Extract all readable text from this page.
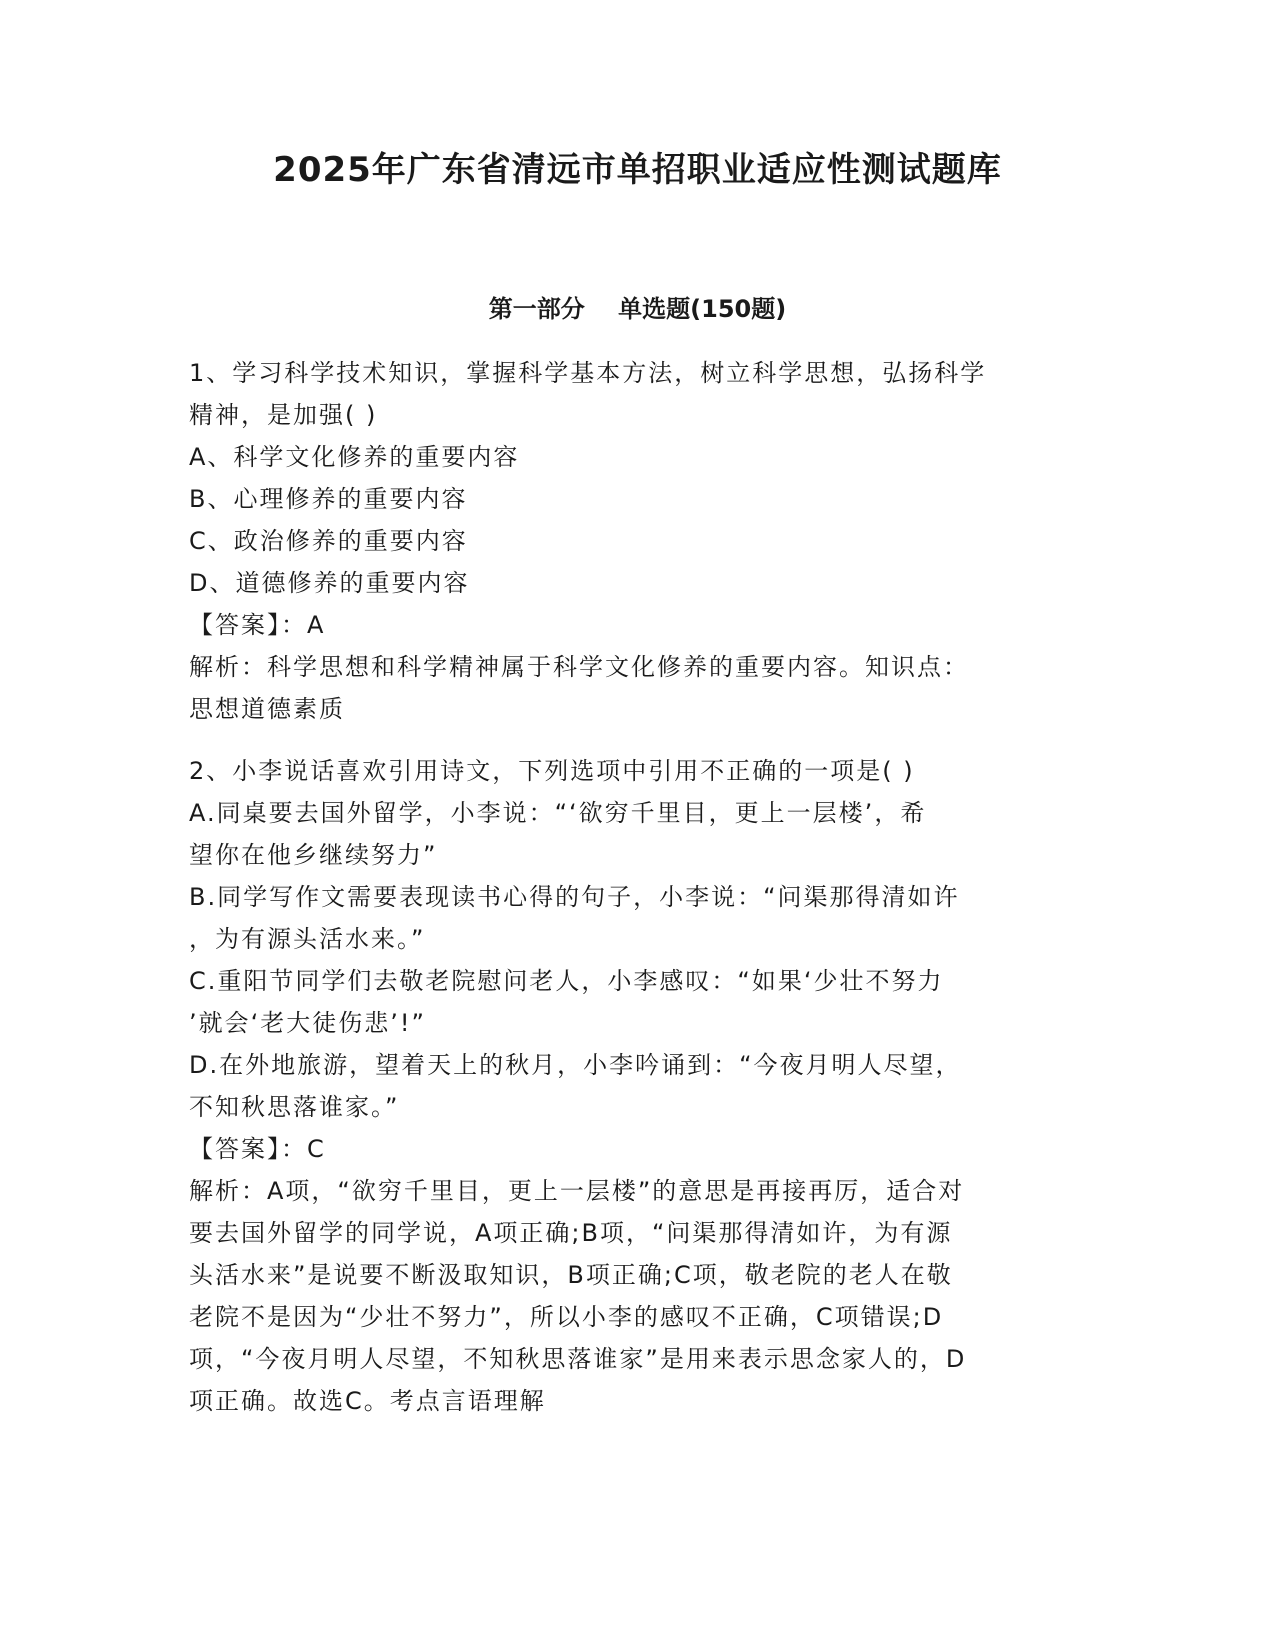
2025年广东省清远市单招职业适应性测试题库
第一部分    单选题(150题)
1、学习科学技术知识，掌握科学基本方法，树立科学思想，弘扬科学
精神，是加强( )
A、科学文化修养的重要内容
B、心理修养的重要内容
C、政治修养的重要内容
D、道德修养的重要内容
【答案】：A
解析：科学思想和科学精神属于科学文化修养的重要内容。知识点：
思想道德素质
2、小李说话喜欢引用诗文，下列选项中引用不正确的一项是( )
A.同桌要去国外留学，小李说：“‘欲穷千里目，更上一层楼’，希
望你在他乡继续努力”
B.同学写作文需要表现读书心得的句子，小李说：“问渠那得清如许
，为有源头活水来。”
C.重阳节同学们去敬老院慰问老人，小李感叹：“如果‘少壮不努力
’就会‘老大徒伤悲’!”
D.在外地旅游，望着天上的秋月，小李吟诵到：“今夜月明人尽望，
不知秋思落谁家。”
【答案】：C
解析：A项，“欲穷千里目，更上一层楼”的意思是再接再厉，适合对
要去国外留学的同学说，A项正确;B项，“问渠那得清如许，为有源
头活水来”是说要不断汲取知识，B项正确;C项，敬老院的老人在敬
老院不是因为“少壮不努力”，所以小李的感叹不正确，C项错误;D
项，“今夜月明人尽望，不知秋思落谁家”是用来表示思念家人的，D
项正确。故选C。考点言语理解
